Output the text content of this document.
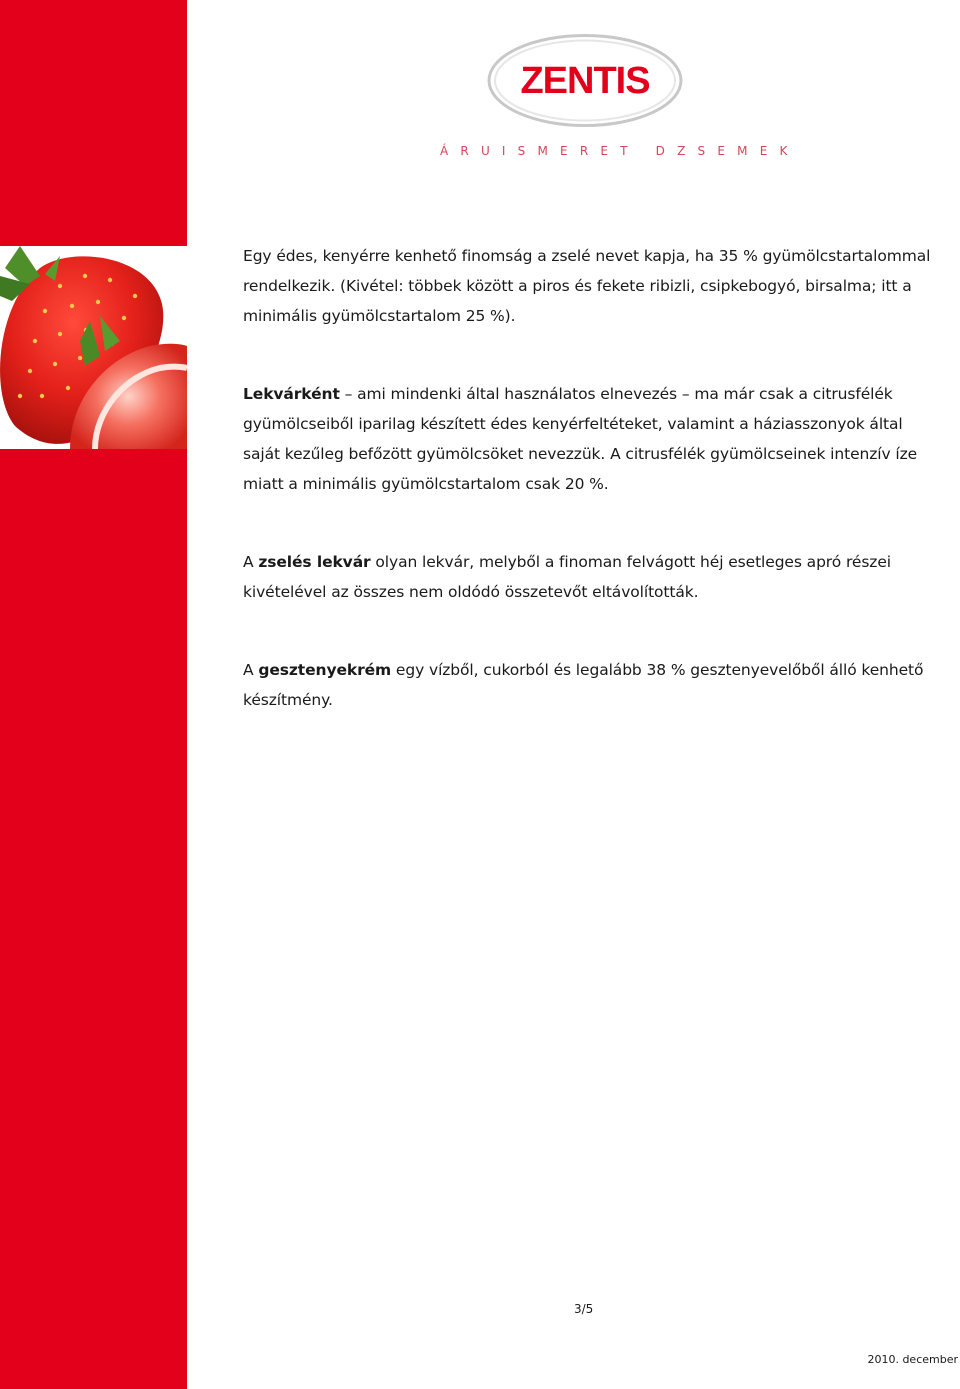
ZENTIS
ÁRUISMERET DZSEMEK

Egy édes, kenyérre kenhető finomság a zselé nevet kapja, ha 35 % gyümölcstartalommal rendelkezik. (Kivétel: többek között a piros és fekete ribizli, csipkebogyó, birsalma; itt a minimális gyümölcstartalom 25 %).

Lekvárként – ami mindenki által használatos elnevezés – ma már csak a citrusfélék gyümölcseiből iparilag készített édes kenyérfeltéteket, valamint a háziasszonyok által saját kezűleg befőzött gyümölcsöket nevezzük. A citrusfélék gyümölcseinek intenzív íze miatt a minimális gyümölcstartalom csak 20 %.

A zselés lekvár olyan lekvár, melyből a finoman felvágott héj esetleges apró részei kivételével az összes nem oldódó összetevőt eltávolították.

A gesztenyekrém egy vízből, cukorból és legalább 38 % gesztenyevelőből álló kenhető készítmény.

3/5
2010. december
